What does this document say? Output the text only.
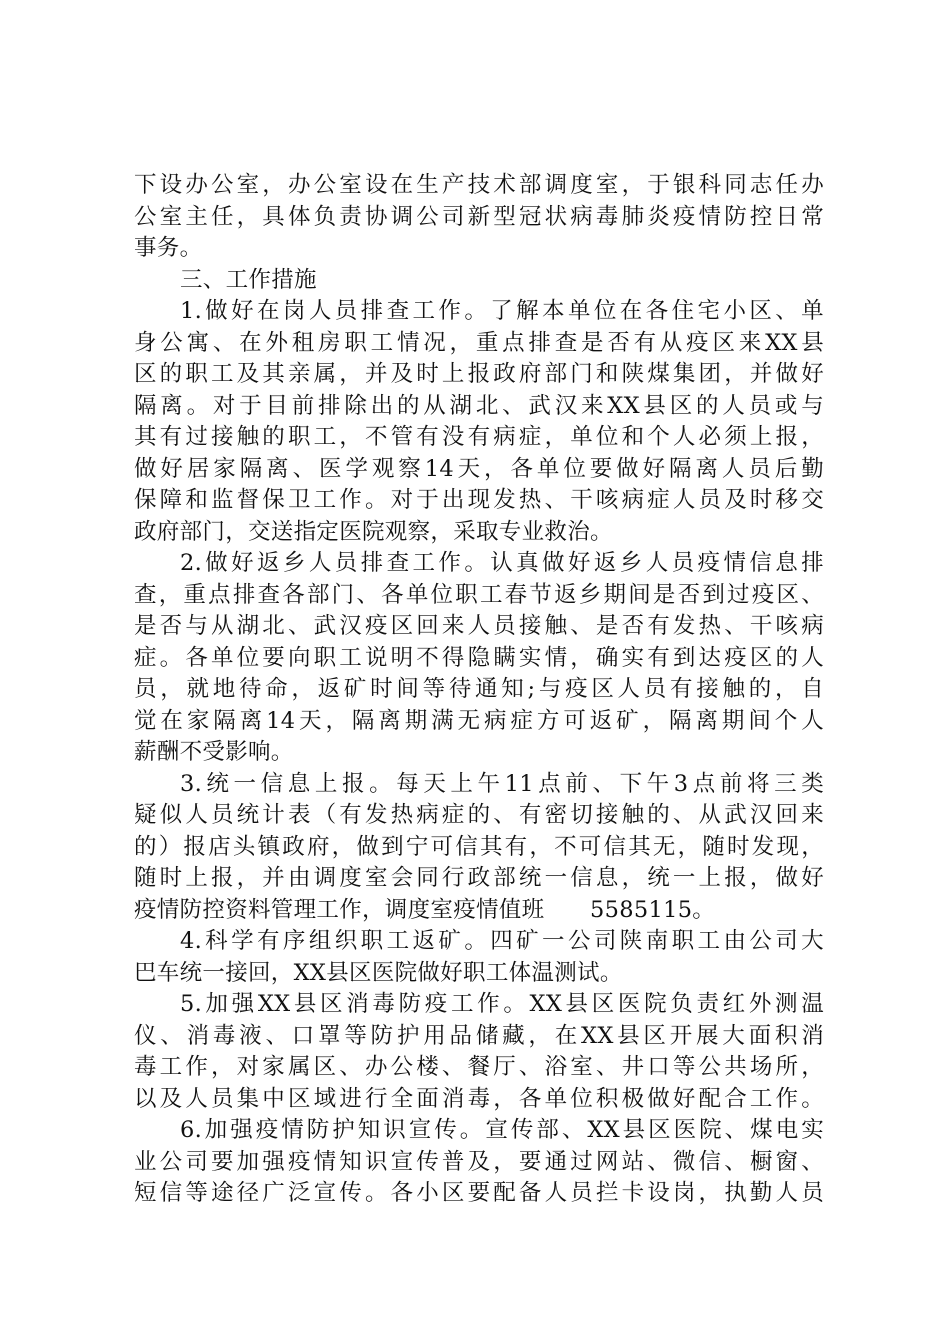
下设办公室，办公室设在生产技术部调度室，于银科同志任办
公室主任，具体负责协调公司新型冠状病毒肺炎疫情防控日常
事务。
三、工作措施
1.做好在岗人员排查工作。了解本单位在各住宅小区、单
身公寓、在外租房职工情况，重点排查是否有从疫区来XX县
区的职工及其亲属，并及时上报政府部门和陕煤集团，并做好
隔离。对于目前排除出的从湖北、武汉来XX县区的人员或与
其有过接触的职工，不管有没有病症，单位和个人必须上报，
做好居家隔离、医学观察14天，各单位要做好隔离人员后勤
保障和监督保卫工作。对于出现发热、干咳病症人员及时移交
政府部门，交送指定医院观察，采取专业救治。
2.做好返乡人员排查工作。认真做好返乡人员疫情信息排
查，重点排查各部门、各单位职工春节返乡期间是否到过疫区、
是否与从湖北、武汉疫区回来人员接触、是否有发热、干咳病
症。各单位要向职工说明不得隐瞒实情，确实有到达疫区的人
员，就地待命，返矿时间等待通知;与疫区人员有接触的，自
觉在家隔离14天，隔离期满无病症方可返矿，隔离期间个人
薪酬不受影响。
3.统一信息上报。每天上午11点前、下午3点前将三类
疑似人员统计表（有发热病症的、有密切接触的、从武汉回来
的）报店头镇政府，做到宁可信其有，不可信其无，随时发现，
随时上报，并由调度室会同行政部统一信息，统一上报，做好
疫情防控资料管理工作，调度室疫情值班　　5585115。
4.科学有序组织职工返矿。四矿一公司陕南职工由公司大
巴车统一接回，XX县区医院做好职工体温测试。
5.加强XX县区消毒防疫工作。XX县区医院负责红外测温
仪、消毒液、口罩等防护用品储藏，在XX县区开展大面积消
毒工作，对家属区、办公楼、餐厅、浴室、井口等公共场所，
以及人员集中区域进行全面消毒，各单位积极做好配合工作。
6.加强疫情防护知识宣传。宣传部、XX县区医院、煤电实
业公司要加强疫情知识宣传普及，要通过网站、微信、橱窗、
短信等途径广泛宣传。各小区要配备人员拦卡设岗，执勤人员
